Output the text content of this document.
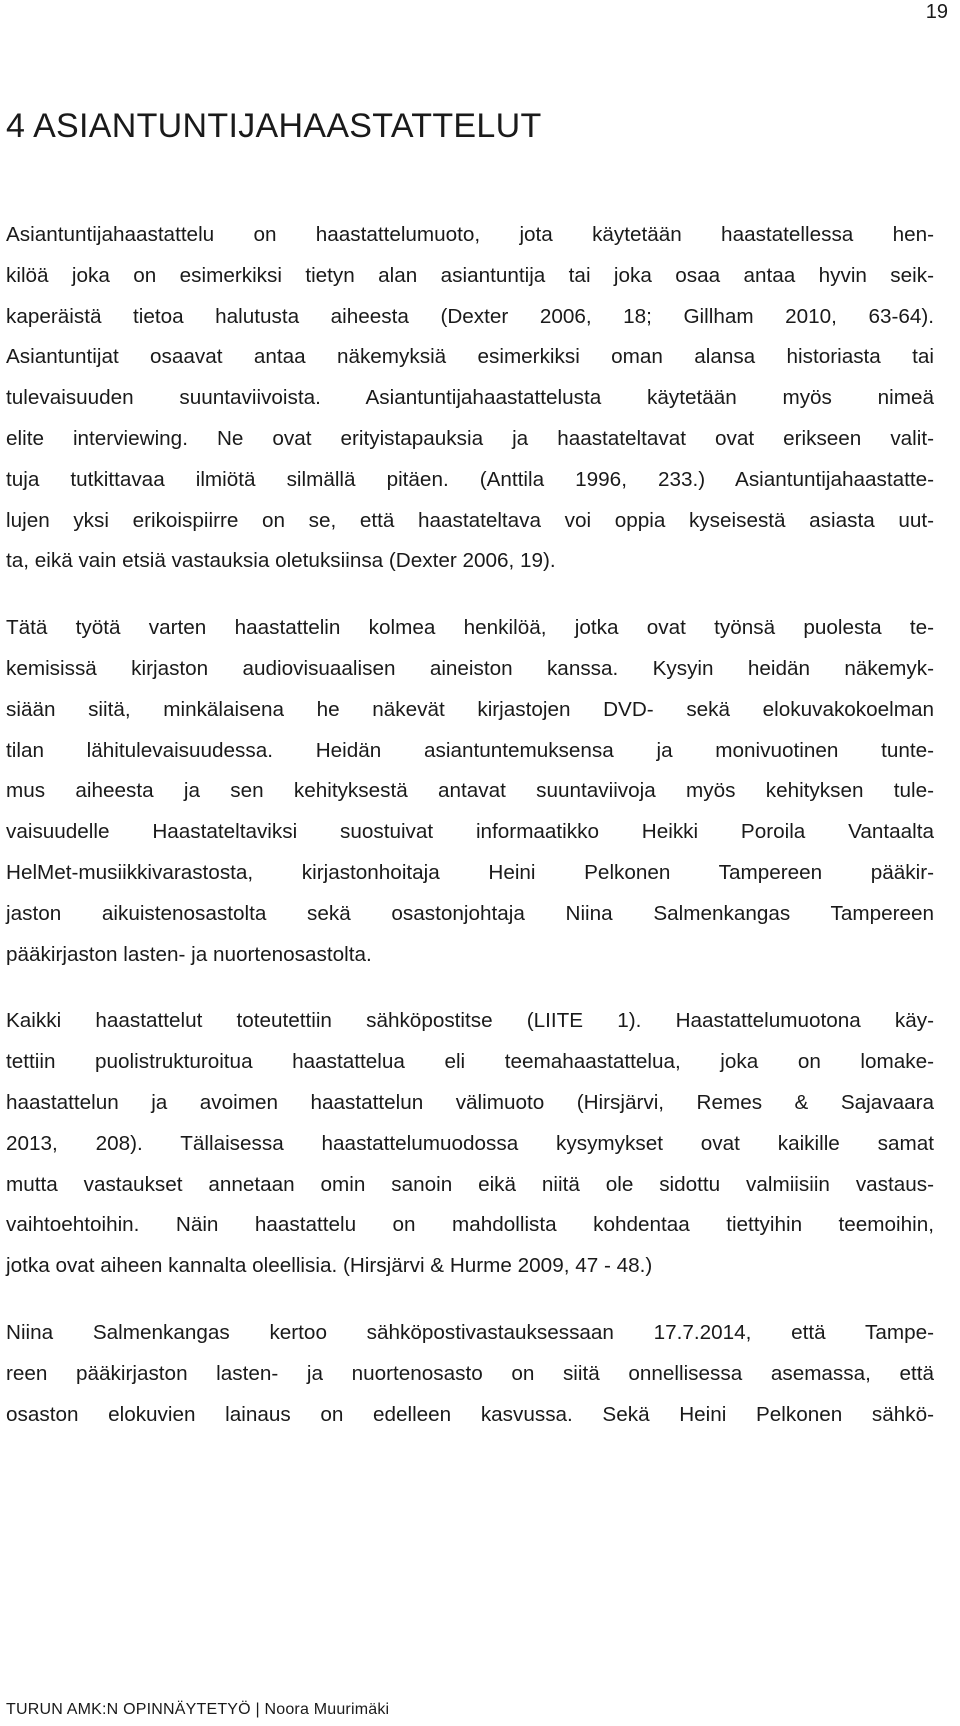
19
4 ASIANTUNTIJAHAASTATTELUT

Asiantuntijahaastattelu on haastattelumuoto, jota käytetään haastatellessa hen-
kilöä joka on esimerkiksi tietyn alan asiantuntija tai joka osaa antaa hyvin seik-
kaperäistä tietoa halutusta aiheesta (Dexter 2006, 18; Gillham 2010, 63-64).
Asiantuntijat osaavat antaa näkemyksiä esimerkiksi oman alansa historiasta tai
tulevaisuuden suuntaviivoista. Asiantuntijahaastattelusta käytetään myös nimeä
elite interviewing. Ne ovat erityistapauksia ja haastateltavat ovat erikseen valit-
tuja tutkittavaa ilmiötä silmällä pitäen. (Anttila 1996, 233.) Asiantuntijahaastatte-
lujen yksi erikoispiirre on se, että haastateltava voi oppia kyseisestä asiasta uut-
ta, eikä vain etsiä vastauksia oletuksiinsa (Dexter 2006, 19).

Tätä työtä varten haastattelin kolmea henkilöä, jotka ovat työnsä puolesta te-
kemisissä kirjaston audiovisuaalisen aineiston kanssa. Kysyin heidän näkemyk-
siään siitä, minkälaisena he näkevät kirjastojen DVD- sekä elokuvakokoelman
tilan lähitulevaisuudessa. Heidän asiantuntemuksensa ja monivuotinen tunte-
mus aiheesta ja sen kehityksestä antavat suuntaviivoja myös kehityksen tule-
vaisuudelle Haastateltaviksi suostuivat informaatikko Heikki Poroila Vantaalta
HelMet-musiikkivarastosta, kirjastonhoitaja Heini Pelkonen Tampereen pääkir-
jaston aikuistenosastolta sekä osastonjohtaja Niina Salmenkangas Tampereen
pääkirjaston lasten- ja nuortenosastolta.

Kaikki haastattelut toteutettiin sähköpostitse (LIITE 1). Haastattelumuotona käy-
tettiin puolistrukturoitua haastattelua eli teemahaastattelua, joka on lomake-
haastattelun ja avoimen haastattelun välimuoto (Hirsjärvi, Remes & Sajavaara
2013, 208). Tällaisessa haastattelumuodossa kysymykset ovat kaikille samat
mutta vastaukset annetaan omin sanoin eikä niitä ole sidottu valmiisiin vastaus-
vaihtoehtoihin. Näin haastattelu on mahdollista kohdentaa tiettyihin teemoihin,
jotka ovat aiheen kannalta oleellisia. (Hirsjärvi & Hurme 2009, 47 - 48.)

Niina Salmenkangas kertoo sähköpostivastauksessaan 17.7.2014, että Tampe-
reen pääkirjaston lasten- ja nuortenosasto on siitä onnellisessa asemassa, että
osaston elokuvien lainaus on edelleen kasvussa. Sekä Heini Pelkonen sähkö-

TURUN AMK:N OPINNÄYTETYÖ | Noora Muurimäki
